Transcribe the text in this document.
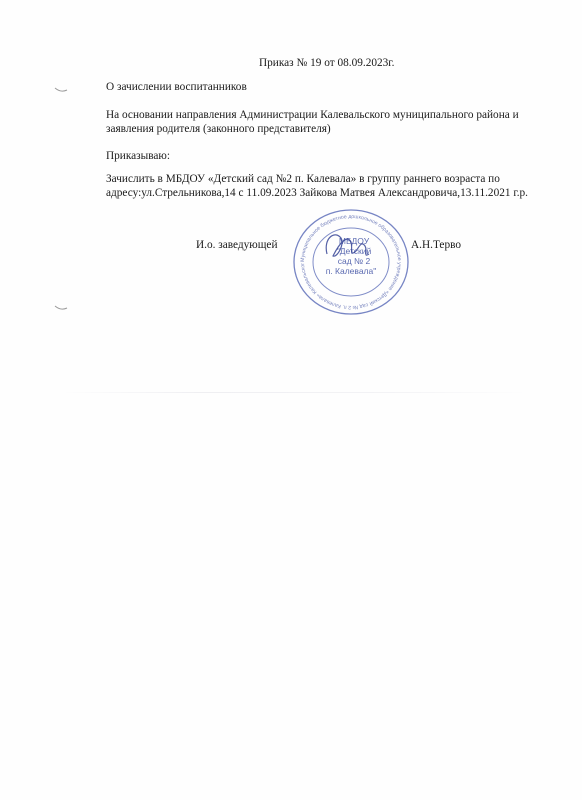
Приказ № 19 от 08.09.2023г.
О зачислении воспитанников
На основании направления Администрации Калевальского муниципального района и
заявления родителя (законного представителя)
Приказываю:
Зачислить в МБДОУ «Детский сад №2 п. Калевала» в группу раннего возраста по
адресу:ул.Стрельникова,14 с 11.09.2023 Зайкова Матвея Александровича,13.11.2021 г.р.
И.о. заведующей
Муниципальное бюджетное дошкольное образовательное учреждение «Детский сад № 2 п. Калевала» Калевальског
МБДОУ
"Детский
сад № 2
п. Калевала"
А.Н.Терво
